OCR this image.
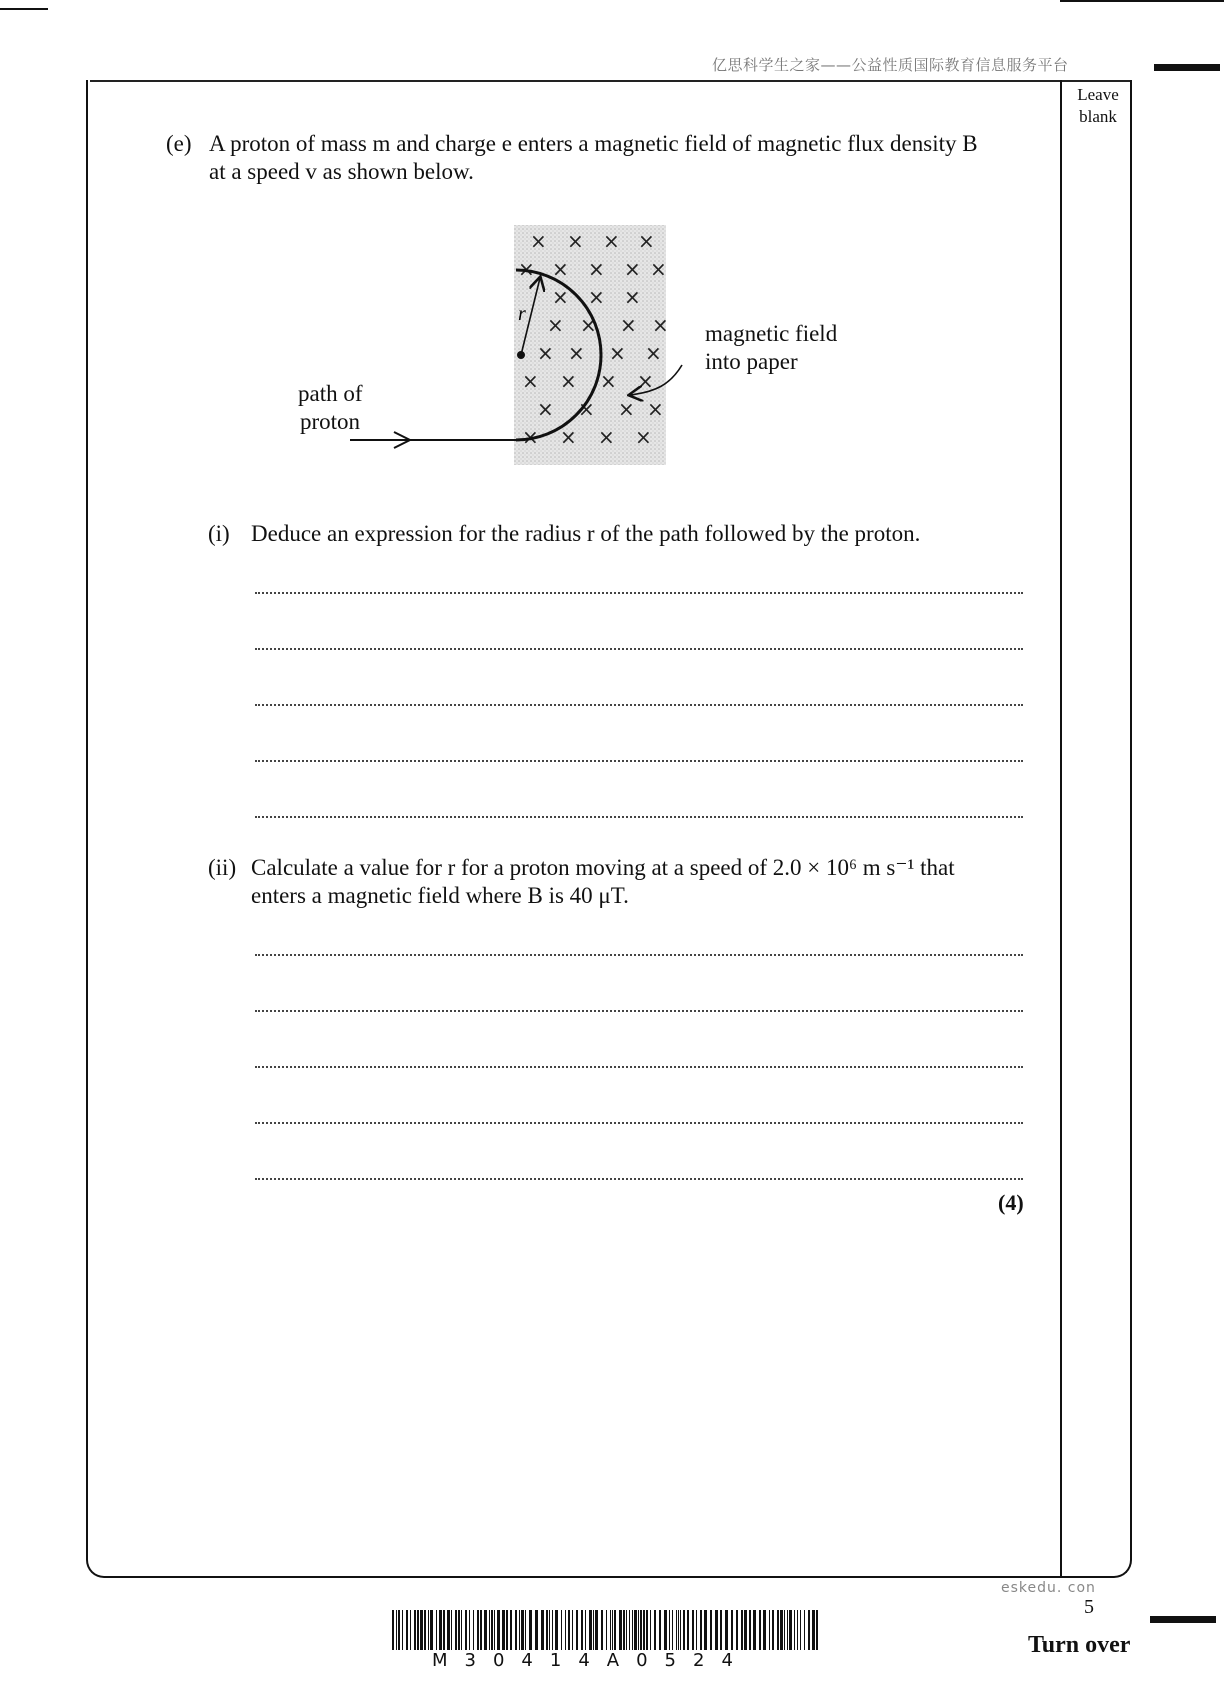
亿思科学生之家——公益性质国际教育信息服务平台
Leave blank
(e) A proton of mass m and charge e enters a magnetic field of magnetic flux density B
at a speed v as shown below.
× × × ×
× × × × ×
× × ×
× × × ×
× × × ×
× × × ×
× × × ×
× × × ×
r
magnetic field
into paper
path of
proton
(i) Deduce an expression for the radius r of the path followed by the proton.
(ii) Calculate a value for r for a proton moving at a speed of 2.0 × 10⁶ m s⁻¹ that
enters a magnetic field where B is 40 μT.
(4)
eskedu. con
5
Turn over
M30414A0524
